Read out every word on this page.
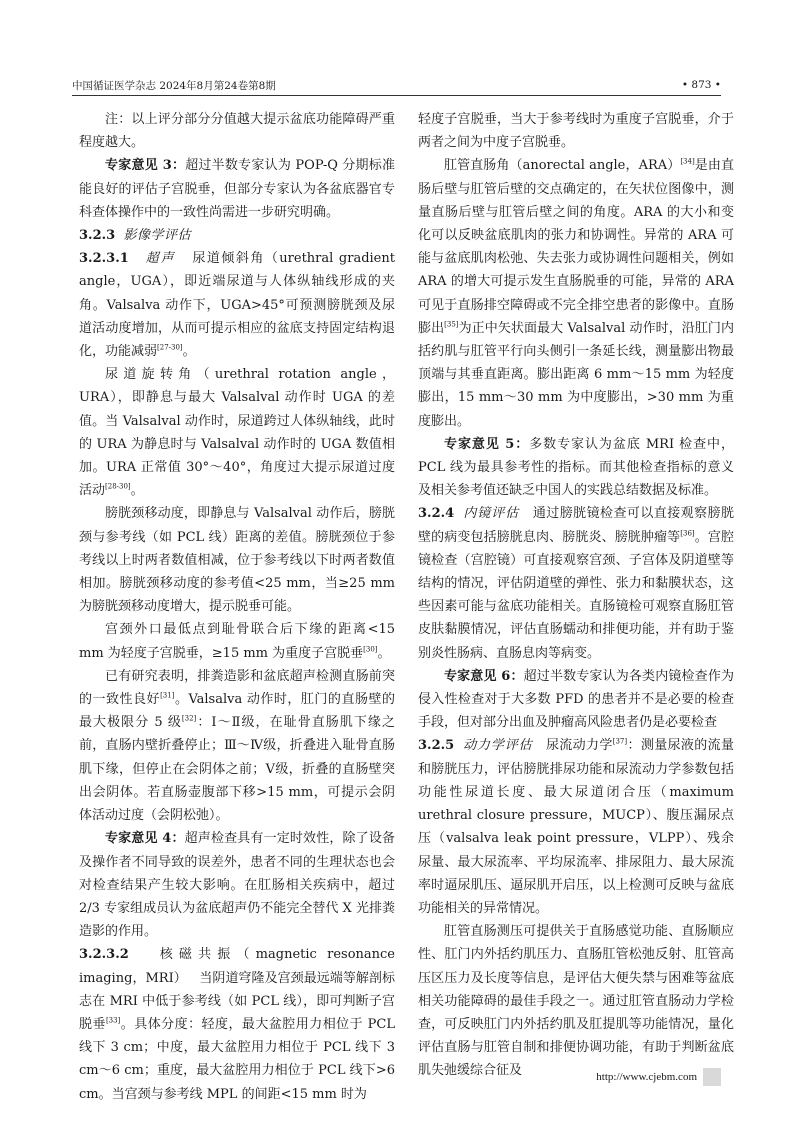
中国循证医学杂志 2024年8月第24卷第8期	• 873 •

注：以上评分部分分值越大提示盆底功能障碍严重程度越大。

专家意见 3：超过半数专家认为 POP-Q 分期标准能良好的评估子宫脱垂，但部分专家认为各盆底器官专科查体操作中的一致性尚需进一步研究明确。

3.2.3 影像学评估

3.2.3.1 超声 尿道倾斜角（urethral gradient angle，UGA），即近端尿道与人体纵轴线形成的夹角。Valsalva 动作下，UGA>45°可预测膀胱颈及尿道活动度增加，从而可提示相应的盆底支持固定结构退化，功能减弱[27-30]。

尿道旋转角（urethral rotation angle，URA），即静息与最大 Valsalval 动作时 UGA 的差值。当 Valsalval 动作时，尿道跨过人体纵轴线，此时的 URA 为静息时与 Valsalval 动作时的 UGA 数值相加。URA 正常值 30°～40°，角度过大提示尿道过度活动[28-30]。

膀胱颈移动度，即静息与 Valsalval 动作后，膀胱颈与参考线（如 PCL 线）距离的差值。膀胱颈位于参考线以上时两者数值相减，位于参考线以下时两者数值相加。膀胱颈移动度的参考值<25 mm，当≥25 mm 为膀胱颈移动度增大，提示脱垂可能。

宫颈外口最低点到耻骨联合后下缘的距离<15 mm 为轻度子宫脱垂，≥15 mm 为重度子宫脱垂[30]。

已有研究表明，排粪造影和盆底超声检测直肠前突的一致性良好[31]。Valsalva 动作时，肛门的直肠壁的最大极限分 5 级[32]：Ⅰ～Ⅱ级，在耻骨直肠肌下缘之前，直肠内壁折叠停止；Ⅲ～Ⅳ级，折叠进入耻骨直肠肌下缘，但停止在会阴体之前；Ⅴ级，折叠的直肠壁突出会阴体。若直肠壶腹部下移>15 mm，可提示会阴体活动过度（会阴松弛）。

专家意见 4：超声检查具有一定时效性，除了设备及操作者不同导致的误差外，患者不同的生理状态也会对检查结果产生较大影响。在肛肠相关疾病中，超过 2/3 专家组成员认为盆底超声仍不能完全替代 X 光排粪造影的作用。

3.2.3.2 核磁共振（magnetic resonance imaging，MRI） 当阴道穹隆及宫颈最远端等解剖标志在 MRI 中低于参考线（如 PCL 线），即可判断子宫脱垂[33]。具体分度：轻度，最大盆腔用力相位于 PCL 线下 3 cm；中度，最大盆腔用力相位于 PCL 线下 3 cm～6 cm；重度，最大盆腔用力相位于 PCL 线下>6 cm。当宫颈与参考线 MPL 的间距<15 mm 时为

轻度子宫脱垂，当大于参考线时为重度子宫脱垂，介于两者之间为中度子宫脱垂。

肛管直肠角（anorectal angle，ARA）[34]是由直肠后壁与肛管后壁的交点确定的，在矢状位图像中，测量直肠后壁与肛管后壁之间的角度。ARA 的大小和变化可以反映盆底肌肉的张力和协调性。异常的 ARA 可能与盆底肌肉松弛、失去张力或协调性问题相关，例如 ARA 的增大可提示发生直肠脱垂的可能，异常的 ARA 可见于直肠排空障碍或不完全排空患者的影像中。直肠膨出[35]为正中矢状面最大 Valsalval 动作时，沿肛门内括约肌与肛管平行向头侧引一条延长线，测量膨出物最顶端与其垂直距离。膨出距离 6 mm～15 mm 为轻度膨出，15 mm～30 mm 为中度膨出，>30 mm 为重度膨出。

专家意见 5：多数专家认为盆底 MRI 检查中，PCL 线为最具参考性的指标。而其他检查指标的意义及相关参考值还缺乏中国人的实践总结数据及标准。

3.2.4 内镜评估 通过膀胱镜检查可以直接观察膀胱壁的病变包括膀胱息肉、膀胱炎、膀胱肿瘤等[36]。宫腔镜检查（宫腔镜）可直接观察宫颈、子宫体及阴道壁等结构的情况，评估阴道壁的弹性、张力和黏膜状态，这些因素可能与盆底功能相关。直肠镜检可观察直肠肛管皮肤黏膜情况，评估直肠蠕动和排便功能，并有助于鉴别炎性肠病、直肠息肉等病变。

专家意见 6：超过半数专家认为各类内镜检查作为侵入性检查对于大多数 PFD 的患者并不是必要的检查手段，但对部分出血及肿瘤高风险患者仍是必要检查

3.2.5 动力学评估 尿流动力学[37]：测量尿液的流量和膀胱压力，评估膀胱排尿功能和尿流动力学参数包括功能性尿道长度、最大尿道闭合压（maximum urethral closure pressure，MUCP）、腹压漏尿点压（valsalva leak point pressure，VLPP）、残余尿量、最大尿流率、平均尿流率、排尿阻力、最大尿流率时逼尿肌压、逼尿肌开启压，以上检测可反映与盆底功能相关的异常情况。

肛管直肠测压可提供关于直肠感觉功能、直肠顺应性、肛门内外括约肌压力、直肠肛管松弛反射、肛管高压区压力及长度等信息，是评估大便失禁与困难等盆底相关功能障碍的最佳手段之一。通过肛管直肠动力学检查，可反映肛门内外括约肌及肛提肌等功能情况，量化评估直肠与肛管自制和排便协调功能，有助于判断盆底肌失弛缓综合征及	http://www.cjebm.com
